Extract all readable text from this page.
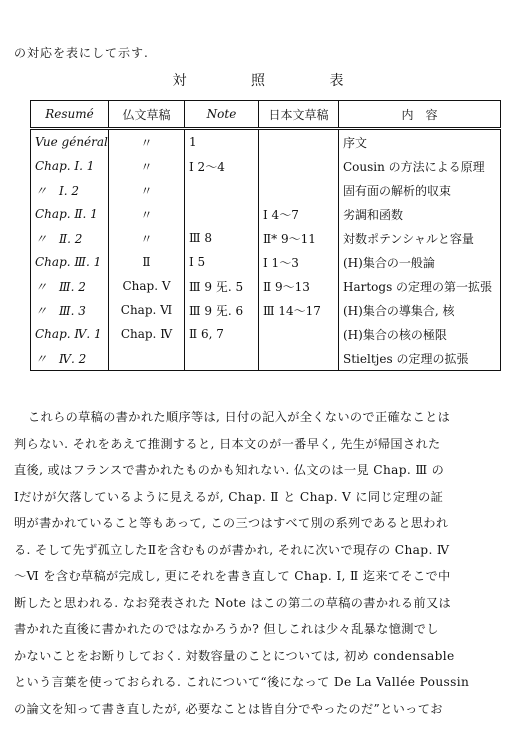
の対応を表にして示す.
対 照 表
Resumé	仏文草稿	Note	日本文草稿	内　容
Vue général	〃	1		序文
Chap. Ⅰ. 1	〃	Ⅰ 2～4		Cousin の方法による原理
〃　Ⅰ. 2	〃			固有面の解析的収束
Chap. Ⅱ. 1	〃		Ⅰ 4～7	劣調和函数
〃　Ⅱ. 2	〃	Ⅲ 8	Ⅱ* 9～11	対数ポテンシャルと容量
Chap. Ⅲ. 1	Ⅱ	Ⅰ 5	Ⅰ 1～3	(H)集合の一般論
〃　Ⅲ. 2	Chap. Ⅴ	Ⅲ 9 旡. 5	Ⅱ 9～13	Hartogs の定理の第一拡張
〃　Ⅲ. 3	Chap. Ⅵ	Ⅲ 9 旡. 6	Ⅲ 14～17	(H)集合の導集合, 核
Chap. Ⅳ. 1	Chap. Ⅳ	Ⅱ 6, 7		(H)集合の核の極限
〃　Ⅳ. 2				Stieltjes の定理の拡張
これらの草稿の書かれた順序等は, 日付の記入が全くないので正確なことは
判らない. それをあえて推測すると, 日本文のが一番早く, 先生が帰国された
直後, 或はフランスで書かれたものかも知れない. 仏文のは一見 Chap. Ⅲ の
Ⅰだけが欠落しているように見えるが, Chap. Ⅱ と Chap. Ⅴ に同じ定理の証
明が書かれていること等もあって, この三つはすべて別の系列であると思われ
る. そして先ず孤立したⅡを含むものが書かれ, それに次いで現存の Chap. Ⅳ
～Ⅵ を含む草稿が完成し, 更にそれを書き直して Chap. Ⅰ, Ⅱ 迄来てそこで中
断したと思われる. なお発表された Note はこの第二の草稿の書かれる前又は
書かれた直後に書かれたのではなかろうか? 但しこれは少々乱暴な憶測でし
かないことをお断りしておく. 対数容量のことについては, 初め condensable
という言葉を使っておられる. これについて“後になって De La Vallée Poussin
の論文を知って書き直したが, 必要なことは皆自分でやったのだ”といってお
